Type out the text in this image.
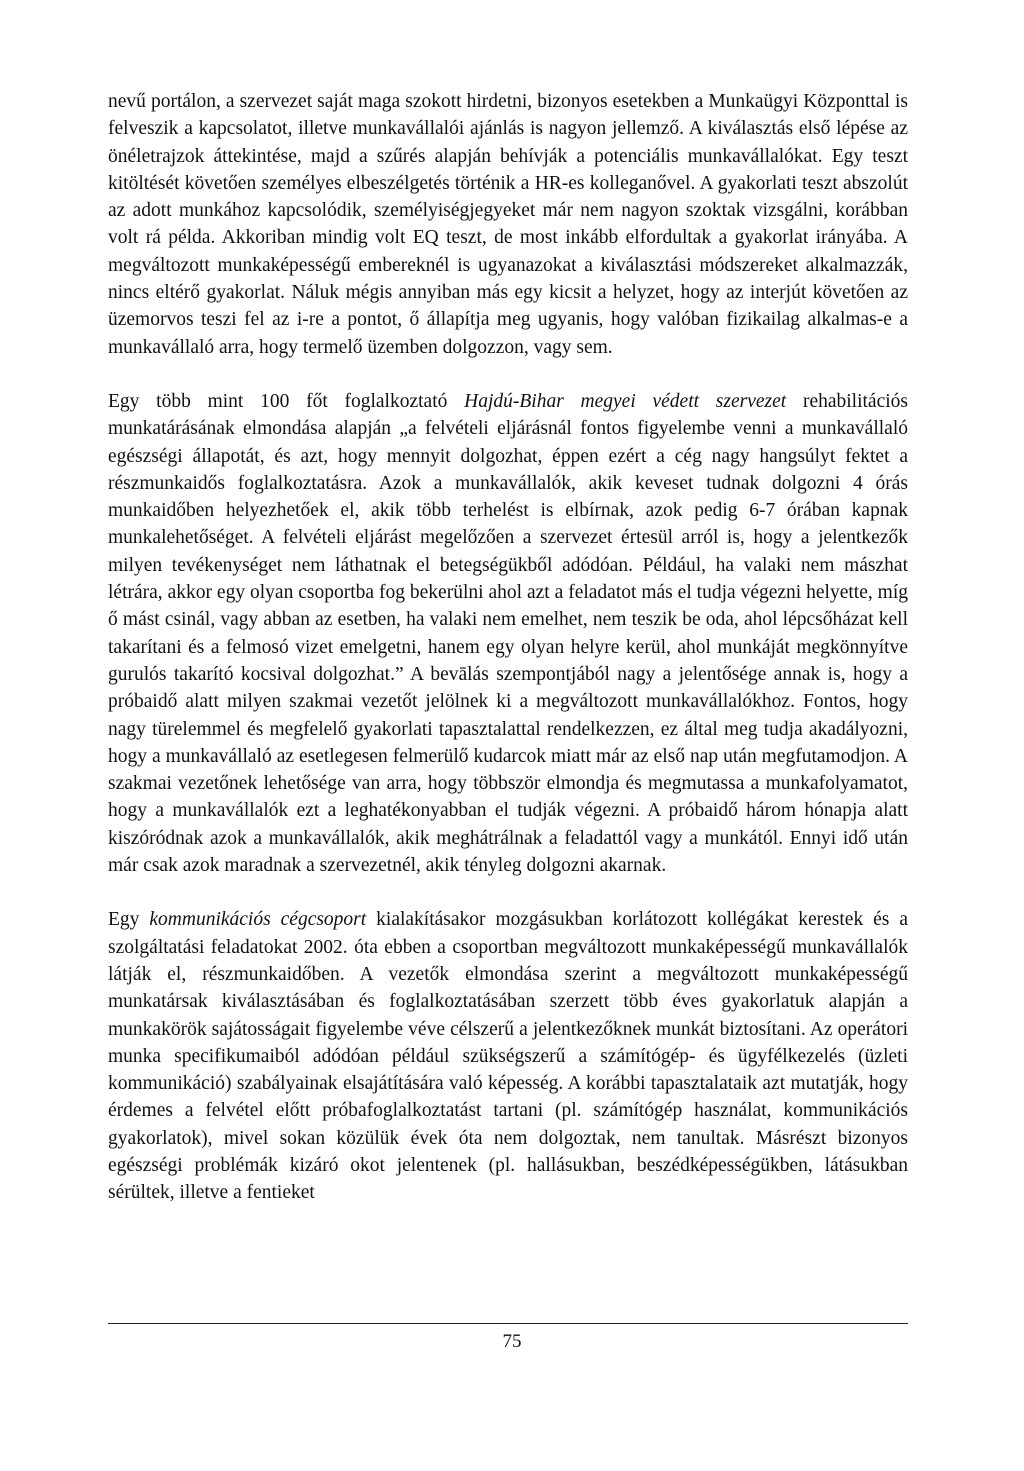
nevű portálon, a szervezet saját maga szokott hirdetni, bizonyos esetekben a Munkaügyi Központtal is felveszik a kapcsolatot, illetve munkavállalói ajánlás is nagyon jellemző. A kiválasztás első lépése az önéletrajzok áttekintése, majd a szűrés alapján behívják a potenciális munkavállalókat. Egy teszt kitöltését követően személyes elbeszélgetés történik a HR-es kolleganővel. A gyakorlati teszt abszolút az adott munkához kapcsolódik, személyiségjegyeket már nem nagyon szoktak vizsgálni, korábban volt rá példa. Akkoriban mindig volt EQ teszt, de most inkább elfordultak a gyakorlat irányába. A megváltozott munkaképességű embereknél is ugyanazokat a kiválasztási módszereket alkalmazzák, nincs eltérő gyakorlat. Náluk mégis annyiban más egy kicsit a helyzet, hogy az interjút követően az üzemorvos teszi fel az i-re a pontot, ő állapítja meg ugyanis, hogy valóban fizikailag alkalmas-e a munkavállaló arra, hogy termelő üzemben dolgozzon, vagy sem.

Egy több mint 100 főt foglalkoztató Hajdú-Bihar megyei védett szervezet rehabilitációs munkatárásának elmondása alapján „a felvételi eljárásnál fontos figyelembe venni a munkavállaló egészségi állapotát, és azt, hogy mennyit dolgozhat, éppen ezért a cég nagy hangsúlyt fektet a részmunkaidős foglalkoztatásra. Azok a munkavállalók, akik keveset tudnak dolgozni 4 órás munkaidőben helyezhetőek el, akik több terhelést is elbírnak, azok pedig 6-7 órában kapnak munkalehetőséget. A felvételi eljárást megelőzően a szervezet értesül arról is, hogy a jelentkezők milyen tevékenységet nem láthatnak el betegségükből adódóan. Például, ha valaki nem mászhat létrára, akkor egy olyan csoportba fog bekerülni ahol azt a feladatot más el tudja végezni helyette, míg ő mást csinál, vagy abban az esetben, ha valaki nem emelhet, nem teszik be oda, ahol lépcsőházat kell takarítani és a felmosó vizet emelgetni, hanem egy olyan helyre kerül, ahol munkáját megkönnyítve gurulós takarító kocsival dolgozhat.” A bevālás szempontjából nagy a jelentősége annak is, hogy a próbaidő alatt milyen szakmai vezetőt jelölnek ki a megváltozott munkavállalókhoz. Fontos, hogy nagy türelemmel és megfelelő gyakorlati tapasztalattal rendelkezzen, ez által meg tudja akadályozni, hogy a munkavállaló az esetlegesen felmerülő kudarcok miatt már az első nap után megfutamodjon. A szakmai vezetőnek lehetősége van arra, hogy többször elmondja és megmutassa a munkafolyamatot, hogy a munkavállalók ezt a leghatékonyabban el tudják végezni. A próbaidő három hónapja alatt kiszóródnak azok a munkavállalók, akik meghátrálnak a feladattól vagy a munkától. Ennyi idő után már csak azok maradnak a szervezetnél, akik tényleg dolgozni akarnak.

Egy kommunikációs cégcsoport kialakításakor mozgásukban korlátozott kollégákat kerestek és a szolgáltatási feladatokat 2002. óta ebben a csoportban megváltozott munkaképességű munkavállalók látják el, részmunkaidőben. A vezetők elmondása szerint a megváltozott munkaképességű munkatársak kiválasztásában és foglalkoztatásában szerzett több éves gyakorlatuk alapján a munkakörök sajátosságait figyelembe véve célszerű a jelentkezőknek munkát biztosítani. Az operátori munka specifikumaiból adódóan például szükségszerű a számítógép- és ügyfélkezelés (üzleti kommunikáció) szabályainak elsajátítására való képesség. A korábbi tapasztalataik azt mutatják, hogy érdemes a felvétel előtt próbafoglalkoztatást tartani (pl. számítógép használat, kommunikációs gyakorlatok), mivel sokan közülük évek óta nem dolgoztak, nem tanultak. Másrészt bizonyos egészségi problémák kizáró okot jelentenek (pl. hallásukban, beszédképességükben, látásukban sérültek, illetve a fentieket

75
